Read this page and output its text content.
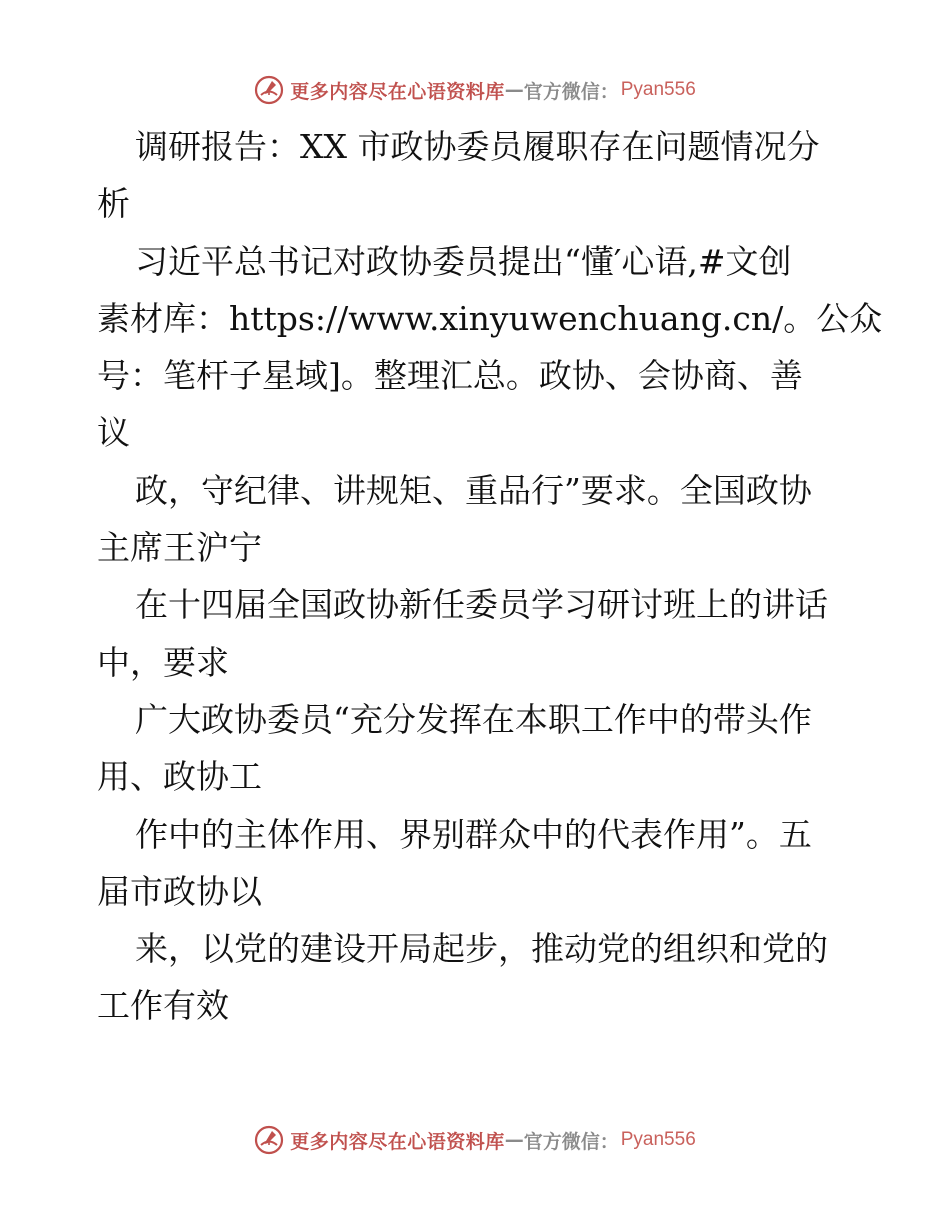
更多内容尽在心语资料库 — 官方微信： Pyan556
调研报告：XX 市政协委员履职存在问题情况分
析
习近平总书记对政协委员提出“懂′心语,#文创
素材库：https://www.xinyuwenchuang.cn/。公众
号：笔杆子星域]。整理汇总。政协、会协商、善
议
政，守纪律、讲规矩、重品行”要求。全国政协
主席王沪宁
在十四届全国政协新任委员学习研讨班上的讲话
中，要求
广大政协委员“充分发挥在本职工作中的带头作
用、政协工
作中的主体作用、界别群众中的代表作用”。五
届市政协以
来，以党的建设开局起步，推动党的组织和党的
工作有效
更多内容尽在心语资料库 — 官方微信： Pyan556
